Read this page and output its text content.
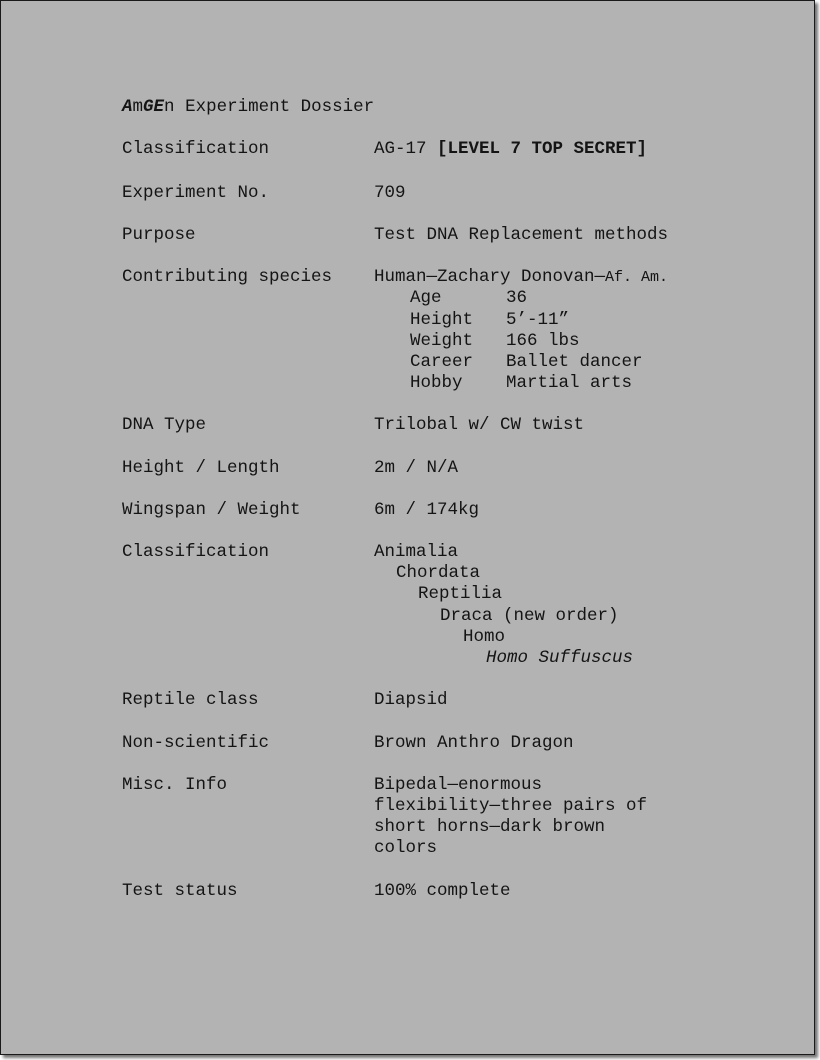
AmGEn Experiment Dossier
Classification	AG-17 [LEVEL 7 TOP SECRET]
Experiment No.	709
Purpose	Test DNA Replacement methods
Contributing species Human—Zachary Donovan—Af. Am.
Age	36
Height 5’-11”
Weight 166 lbs
Career Ballet dancer
Hobby Martial arts
DNA Type	Trilobal w/ CW twist
Height / Length	2m / N/A
Wingspan / Weight	6m / 174kg
Classification	Animalia
Chordata
Reptilia
Draca (new order)
Homo
Homo Suffuscus
Reptile class	Diapsid
Non-scientific	Brown Anthro Dragon
Misc. Info	Bipedal—enormous
flexibility—three pairs of
short horns—dark brown
colors
Test status	100% complete
